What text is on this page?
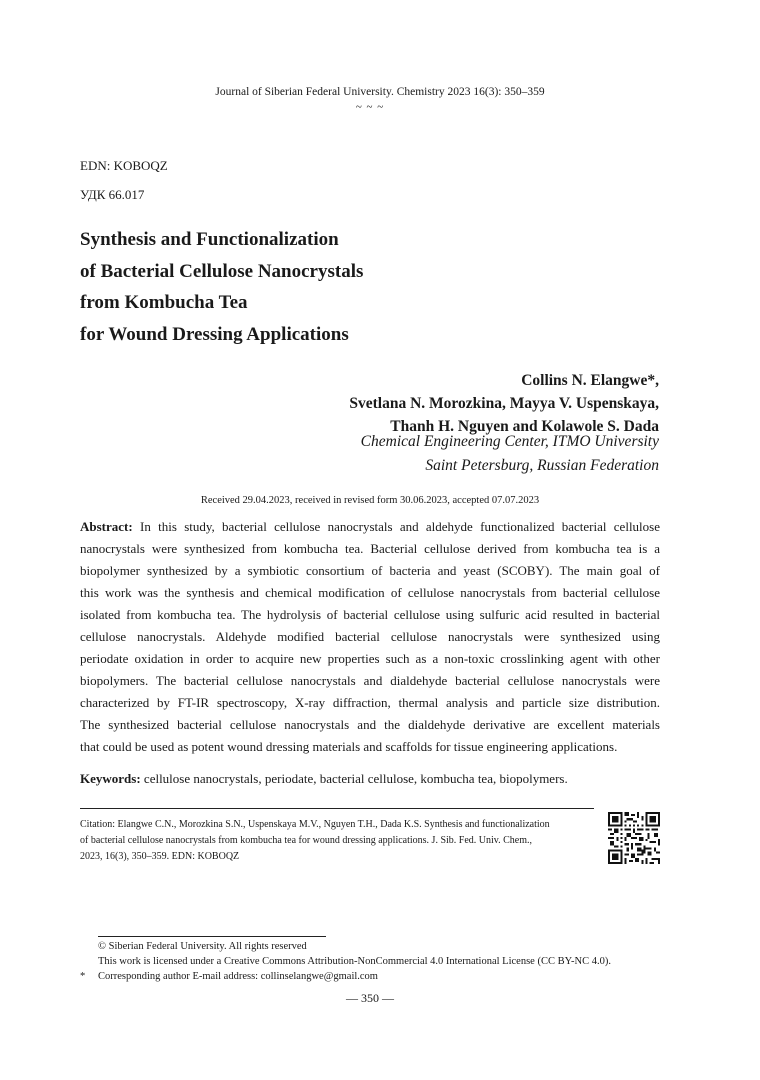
Journal of Siberian Federal University. Chemistry 2023 16(3): 350–359
~ ~ ~
EDN: KOBOQZ
УДК 66.017
Synthesis and Functionalization
of Bacterial Cellulose Nanocrystals
from Kombucha Tea
for Wound Dressing Applications
Collins N. Elangwe*,
Svetlana N. Morozkina, Mayya V. Uspenskaya,
Thanh H. Nguyen and Kolawole S. Dada
Chemical Engineering Center, ITMO University
Saint Petersburg, Russian Federation
Received 29.04.2023, received in revised form 30.06.2023, accepted 07.07.2023
Abstract: In this study, bacterial cellulose nanocrystals and aldehyde functionalized bacterial cellulose
nanocrystals were synthesized from kombucha tea. Bacterial cellulose derived from kombucha tea is a
biopolymer synthesized by a symbiotic consortium of bacteria and yeast (SCOBY). The main goal of
this work was the synthesis and chemical modification of cellulose nanocrystals from bacterial cellulose
isolated from kombucha tea. The hydrolysis of bacterial cellulose using sulfuric acid resulted in bacterial
cellulose nanocrystals. Aldehyde modified bacterial cellulose nanocrystals were synthesized using
periodate oxidation in order to acquire new properties such as a non-toxic crosslinking agent with other
biopolymers. The bacterial cellulose nanocrystals and dialdehyde bacterial cellulose nanocrystals were
characterized by FT-IR spectroscopy, X-ray diffraction, thermal analysis and particle size distribution.
The synthesized bacterial cellulose nanocrystals and the dialdehyde derivative are excellent materials
that could be used as potent wound dressing materials and scaffolds for tissue engineering applications.
Keywords: cellulose nanocrystals, periodate, bacterial cellulose, kombucha tea, biopolymers.
Citation: Elangwe C.N., Morozkina S.N., Uspenskaya M.V., Nguyen T.H., Dada K.S. Synthesis and functionalization
of bacterial cellulose nanocrystals from kombucha tea for wound dressing applications. J. Sib. Fed. Univ. Chem.,
2023, 16(3), 350–359. EDN: KOBOQZ
© Siberian Federal University. All rights reserved
This work is licensed under a Creative Commons Attribution-NonCommercial 4.0 International License (CC BY-NC 4.0).
* Corresponding author E-mail address: collinselangwe@gmail.com
― 350 ―
